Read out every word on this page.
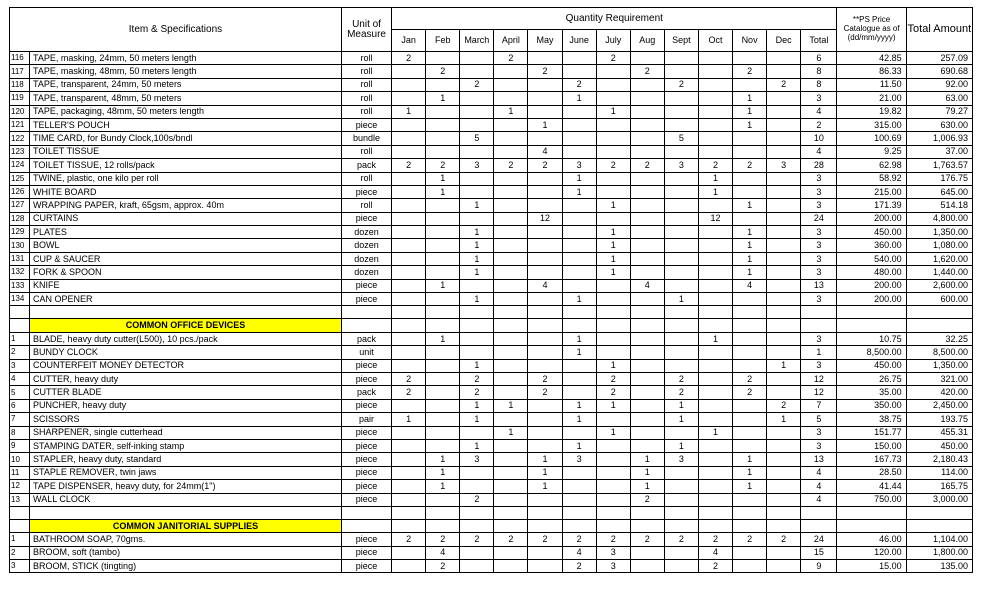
Item & Specifications		Unit of Measure	Quantity Requirement													**PS Price Catalogue as of (dd/mm/yyyy)	Total Amount
			Jan	Feb	March	April	May	June	July	Aug	Sept	Oct	Nov	Dec	Total		
116	TAPE, masking, 24mm, 50 meters length	roll	2			2			2						6	42.85	257.09
117	TAPE, masking, 48mm, 50 meters length	roll		2			2			2			2		8	86.33	690.68
118	TAPE, transparent, 24mm, 50 meters	roll			2			2			2			2	8	11.50	92.00
119	TAPE, transparent, 48mm, 50 meters	roll		1				1					1		3	21.00	63.00
120	TAPE, packaging, 48mm, 50 meters length	roll	1			1			1				1		4	19.82	79.27
121	TELLER'S POUCH	piece					1						1		2	315.00	630.00
122	TIME CARD, for Bundy Clock,100s/bndl	bundle			5						5				10	100.69	1,006.93
123	TOILET TISSUE	roll					4								4	9.25	37.00
124	TOILET TISSUE, 12 rolls/pack	pack	2	2	3	2	2	3	2	2	3	2	2	3	28	62.98	1,763.57
125	TWINE, plastic, one kilo per roll	roll		1				1				1			3	58.92	176.75
126	WHITE BOARD	piece		1				1				1			3	215.00	645.00
127	WRAPPING PAPER, kraft, 65gsm, approx. 40m	roll			1				1				1		3	171.39	514.18
128	CURTAINS	piece					12					12			24	200.00	4,800.00
129	PLATES	dozen			1				1				1		3	450.00	1,350.00
130	BOWL	dozen			1				1				1		3	360.00	1,080.00
131	CUP & SAUCER	dozen			1				1				1		3	540.00	1,620.00
132	FORK & SPOON	dozen			1				1				1		3	480.00	1,440.00
133	KNIFE	piece		1			4			4			4		13	200.00	2,600.00
134	CAN OPENER	piece			1			1			1				3	200.00	600.00

	COMMON OFFICE DEVICES																
1	BLADE, heavy duty cutter(L500), 10 pcs./pack	pack		1				1				1			3	10.75	32.25
2	BUNDY CLOCK	unit						1							1	8,500.00	8,500.00
3	COUNTERFEIT MONEY DETECTOR	piece			1				1					1	3	450.00	1,350.00
4	CUTTER, heavy duty	piece	2		2		2		2		2		2		12	26.75	321.00
5	CUTTER BLADE	pack	2		2		2		2		2		2		12	35.00	420.00
6	PUNCHER, heavy duty	piece			1	1		1	1		1			2	7	350.00	2,450.00
7	SCISSORS	pair	1		1			1			1			1	5	38.75	193.75
8	SHARPENER, single cutterhead	piece				1			1			1			3	151.77	455.31
9	STAMPING DATER, self-inking stamp	piece			1			1			1				3	150.00	450.00
10	STAPLER, heavy duty, standard	piece		1	3		1	3		1	3		1		13	167.73	2,180.43
11	STAPLE REMOVER, twin jaws	piece		1			1			1			1		4	28.50	114.00
12	TAPE DISPENSER, heavy duty, for 24mm(1")	piece		1			1			1			1		4	41.44	165.75
13	WALL CLOCK	piece			2					2					4	750.00	3,000.00

	COMMON JANITORIAL SUPPLIES																
1	BATHROOM SOAP, 70gms.	piece	2	2	2	2	2	2	2	2	2	2	2	2	24	46.00	1,104.00
2	BROOM, soft (tambo)	piece		4				4	3			4			15	120.00	1,800.00
3	BROOM, STICK (tingting)	piece		2				2	3			2			9	15.00	135.00
